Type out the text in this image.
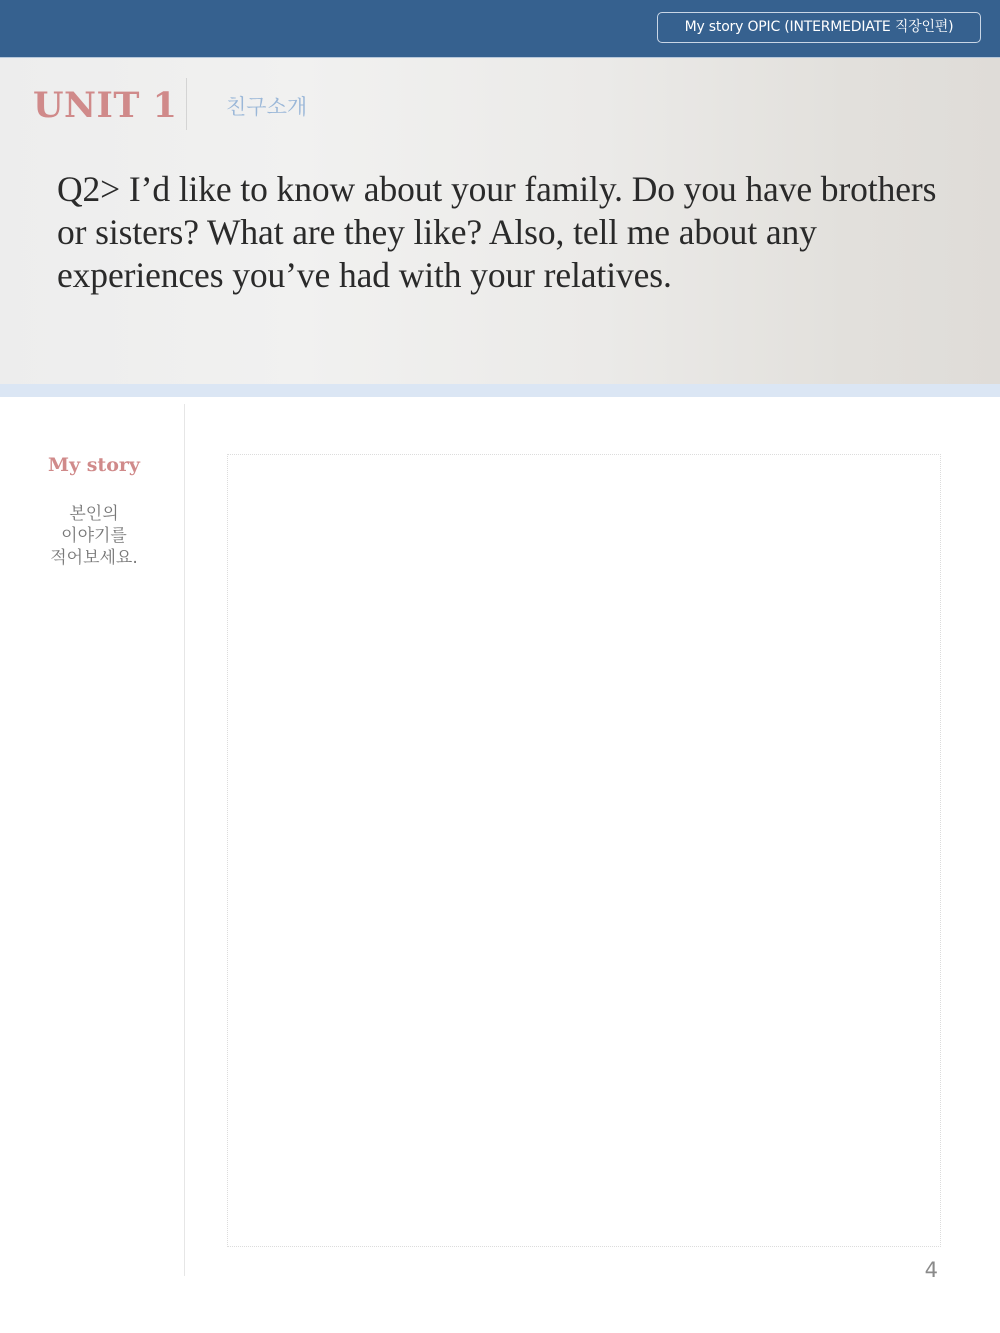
My story OPIC (INTERMEDIATE 직장인편)
UNIT 1 친구소개

Q2> I’d like to know about your family. Do you have brothers or sisters? What are they like? Also, tell me about any experiences you’ve had with your relatives.

My story
본인의
이야기를
적어보세요.
4
